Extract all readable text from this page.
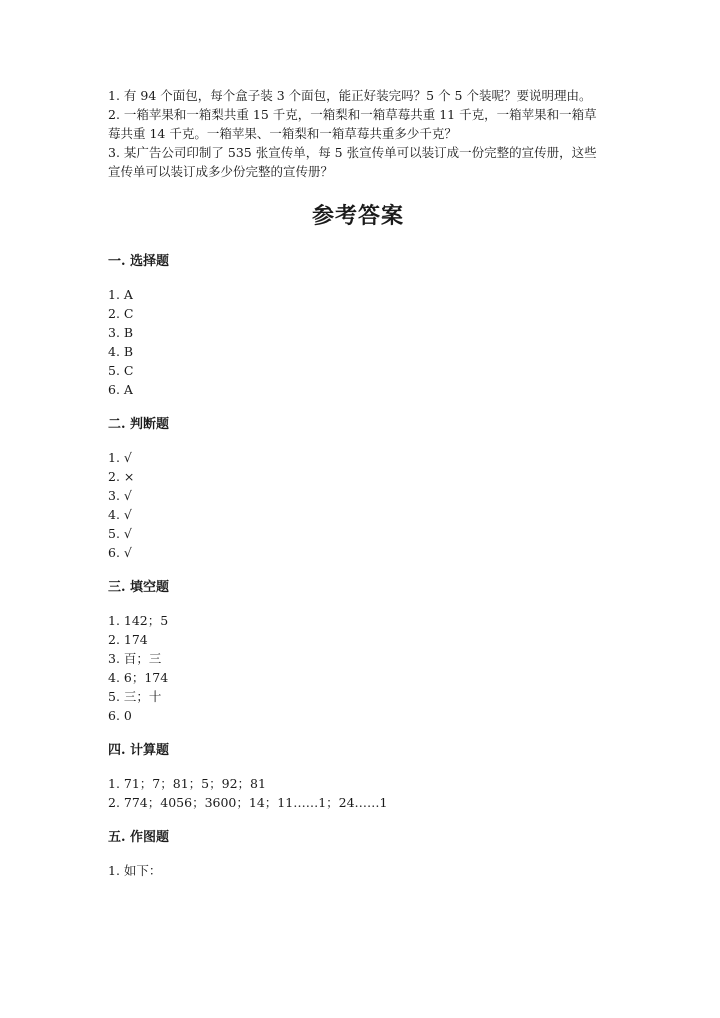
1. 有 94 个面包，每个盒子装 3 个面包，能正好装完吗？5 个 5 个装呢？要说明理由。

2. 一箱苹果和一箱梨共重 15 千克，一箱梨和一箱草莓共重 11 千克，一箱苹果和一箱草莓共重 14 千克。一箱苹果、一箱梨和一箱草莓共重多少千克？

3. 某广告公司印制了 535 张宣传单，每 5 张宣传单可以装订成一份完整的宣传册，这些宣传单可以装订成多少份完整的宣传册？

参考答案
一. 选择题

1. A

2. C

3. B

4. B

5. C

6. A

二. 判断题

1. √

2. ×

3. √

4. √

5. √

6. √

三. 填空题

1. 142；5

2. 174

3. 百；三

4. 6；174

5. 三；十

6. 0

四. 计算题

1. 71；7；81；5；92；81

2. 774；4056；3600；14；11……1；24……1

五. 作图题

1. 如下：
